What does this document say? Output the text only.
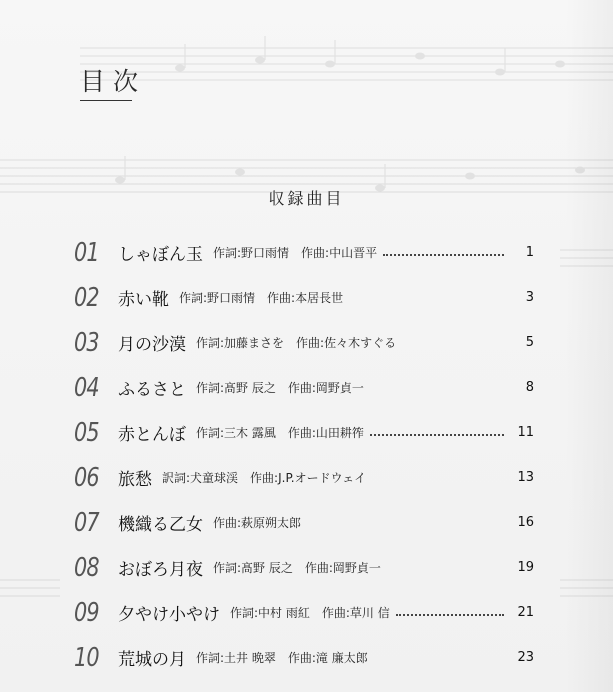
目次
収録曲目
01	しゃぼん玉 作詞:野口雨情　作曲:中山晋平	1
02	赤い靴 作詞:野口雨情　作曲:本居長世	3
03	月の沙漠 作詞:加藤まさを　作曲:佐々木すぐる	5
04	ふるさと 作詞:髙野 辰之　作曲:岡野貞一	8
05	赤とんぼ 作詞:三木 露風　作曲:山田耕筰	11
06	旅愁 訳詞:犬童球渓　作曲:J.P.オードウェイ	13
07	機織る乙女 作曲:萩原朔太郎	16
08	おぼろ月夜 作詞:髙野 辰之　作曲:岡野貞一	19
09	夕やけ小やけ 作詞:中村 雨紅　作曲:草川 信	21
10	荒城の月 作詞:土井 晩翠　作曲:滝 廉太郎	23
